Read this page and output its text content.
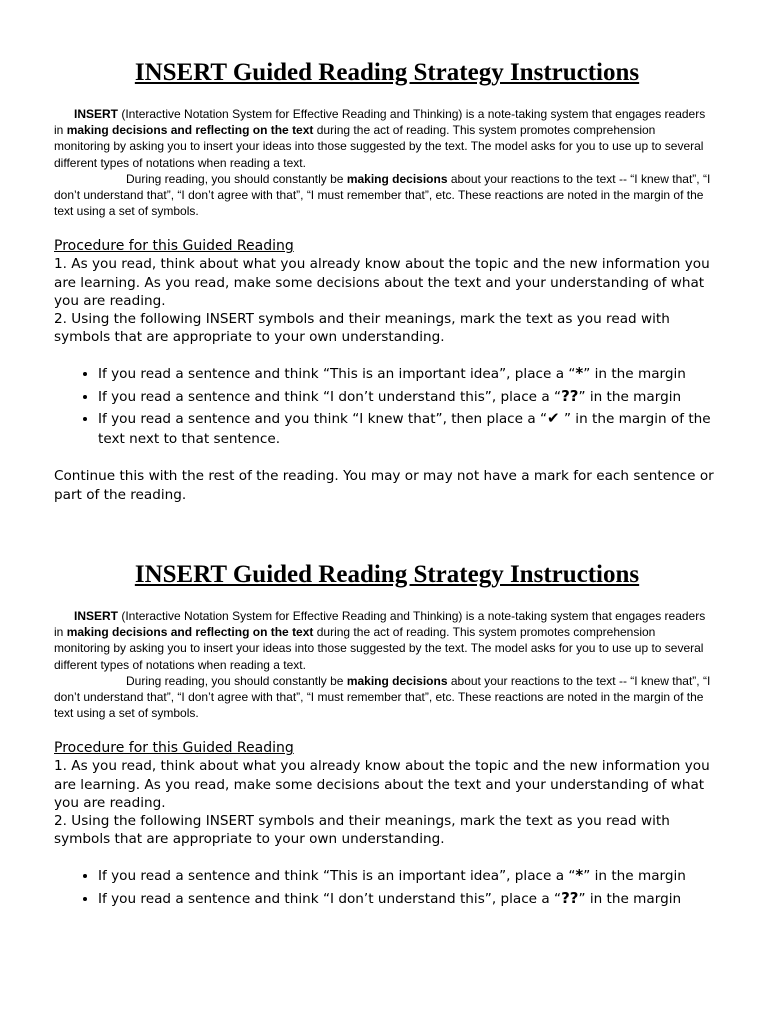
INSERT Guided Reading Strategy Instructions

INSERT (Interactive Notation System for Effective Reading and Thinking) is a note-taking system that engages readers in making decisions and reflecting on the text during the act of reading. This system promotes comprehension monitoring by asking you to insert your ideas into those suggested by the text. The model asks for you to use up to several different types of notations when reading a text.

During reading, you should constantly be making decisions about your reactions to the text -- “I knew that”, “I don’t understand that”, “I don’t agree with that”, “I must remember that”, etc. These reactions are noted in the margin of the text using a set of symbols.

Procedure for this Guided Reading

1. As you read, think about what you already know about the topic and the new information you are learning. As you read, make some decisions about the text and your understanding of what you are reading.

2. Using the following INSERT symbols and their meanings, mark the text as you read with symbols that are appropriate to your own understanding.

• If you read a sentence and think “This is an important idea”, place a “*” in the margin
• If you read a sentence and think “I don’t understand this”, place a “??” in the margin
• If you read a sentence and you think “I knew that”, then place a “✔ ” in the margin of the text next to that sentence.

Continue this with the rest of the reading. You may or may not have a mark for each sentence or part of the reading.

INSERT Guided Reading Strategy Instructions

INSERT (Interactive Notation System for Effective Reading and Thinking) is a note-taking system that engages readers in making decisions and reflecting on the text during the act of reading. This system promotes comprehension monitoring by asking you to insert your ideas into those suggested by the text. The model asks for you to use up to several different types of notations when reading a text.

During reading, you should constantly be making decisions about your reactions to the text -- “I knew that”, “I don’t understand that”, “I don’t agree with that”, “I must remember that”, etc. These reactions are noted in the margin of the text using a set of symbols.

Procedure for this Guided Reading

1. As you read, think about what you already know about the topic and the new information you are learning. As you read, make some decisions about the text and your understanding of what you are reading.

2. Using the following INSERT symbols and their meanings, mark the text as you read with symbols that are appropriate to your own understanding.

• If you read a sentence and think “This is an important idea”, place a “*” in the margin
• If you read a sentence and think “I don’t understand this”, place a “??” in the margin
